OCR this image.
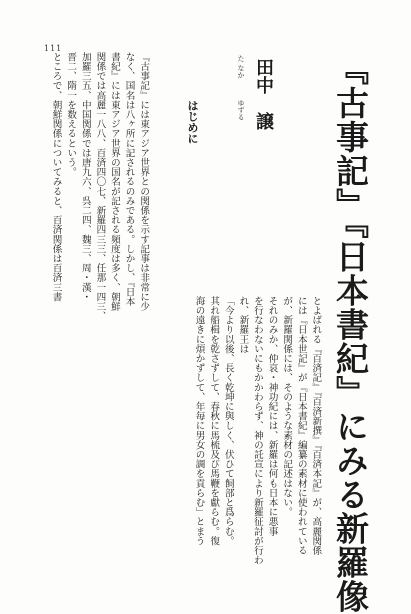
111
『古事記』『日本書紀』にみる新羅像
た なか　　　ゆずる 田中　譲
はじめに
『古事記』には東アジア世界との関係を示す記事は非常に少
なく、国名は八ヶ所に記されるのみである。しかし、『日本
書紀』には東アジア世界の国名が記される頻度は多く、朝鮮
関係では高麗一八八、百済四〇七、新羅四三三、任那一四三、
加羅三五、中国関係では唐九六、呉二四、魏三、周・漢・
晋二、隋一を数えるという。
ところで、朝鮮関係についてみると、百済関係は百済三書
とよばれる『百済記』『百済新撰』『百済本記』が、高麗関係
には『日本世記』が『日本書紀』編纂の素材に使われている
が、新羅関係には、そのような素材の記述はない。
それのみか、仲哀・神功紀には、新羅は何も日本に悪事
を行なわないにもかかわらず、神の託宣により新羅征討が行わ
れ、新羅王は
「今より以後、長く乾坤に與しく、伏ひて飼部と爲らむ。
其れ船楫を乾さずして、春秋に馬梳及び馬鞭を獻らむ。復
海の遠きに煩かずして、年毎に男女の調を貢らむ」とまう
